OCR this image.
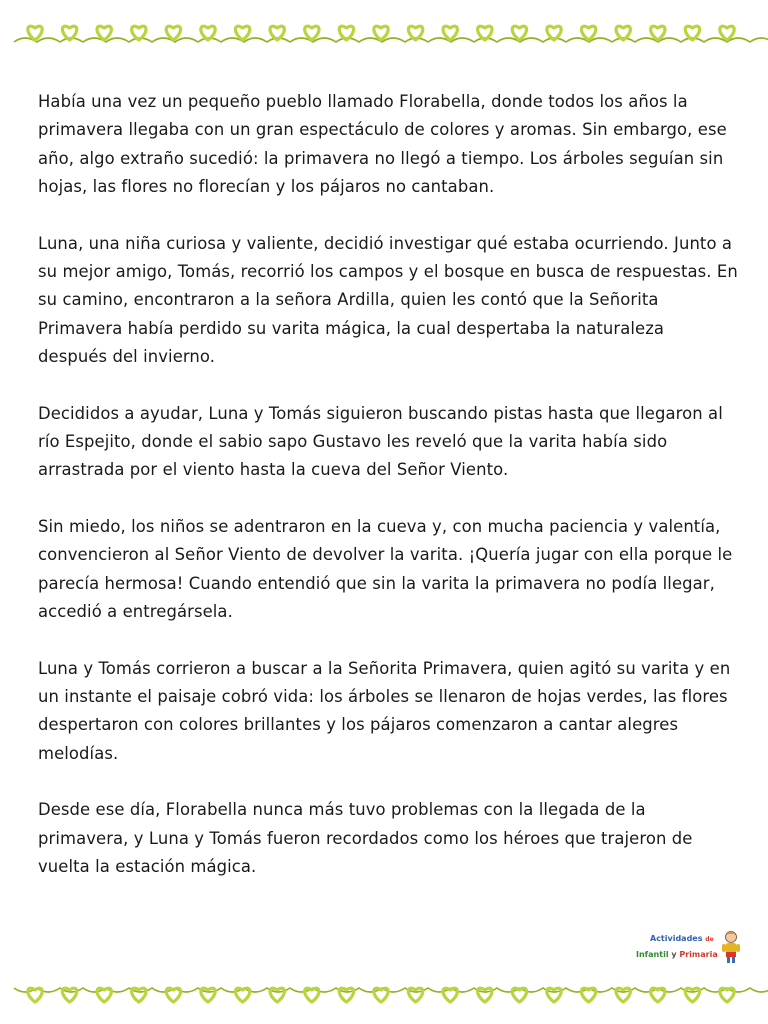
Había una vez un pequeño pueblo llamado Florabella, donde todos los años la primavera llegaba con un gran espectáculo de colores y aromas. Sin embargo, ese año, algo extraño sucedió: la primavera no llegó a tiempo. Los árboles seguían sin hojas, las flores no florecían y los pájaros no cantaban.

Luna, una niña curiosa y valiente, decidió investigar qué estaba ocurriendo. Junto a su mejor amigo, Tomás, recorrió los campos y el bosque en busca de respuestas. En su camino, encontraron a la señora Ardilla, quien les contó que la Señorita Primavera había perdido su varita mágica, la cual despertaba la naturaleza después del invierno.

Decididos a ayudar, Luna y Tomás siguieron buscando pistas hasta que llegaron al río Espejito, donde el sabio sapo Gustavo les reveló que la varita había sido arrastrada por el viento hasta la cueva del Señor Viento.

Sin miedo, los niños se adentraron en la cueva y, con mucha paciencia y valentía, convencieron al Señor Viento de devolver la varita. ¡Quería jugar con ella porque le parecía hermosa! Cuando entendió que sin la varita la primavera no podía llegar, accedió a entregársela.

Luna y Tomás corrieron a buscar a la Señorita Primavera, quien agitó su varita y en un instante el paisaje cobró vida: los árboles se llenaron de hojas verdes, las flores despertaron con colores brillantes y los pájaros comenzaron a cantar alegres melodías.

Desde ese día, Florabella nunca más tuvo problemas con la llegada de la primavera, y Luna y Tomás fueron recordados como los héroes que trajeron de vuelta la estación mágica.

Actividades de
Infantil y Primaria
